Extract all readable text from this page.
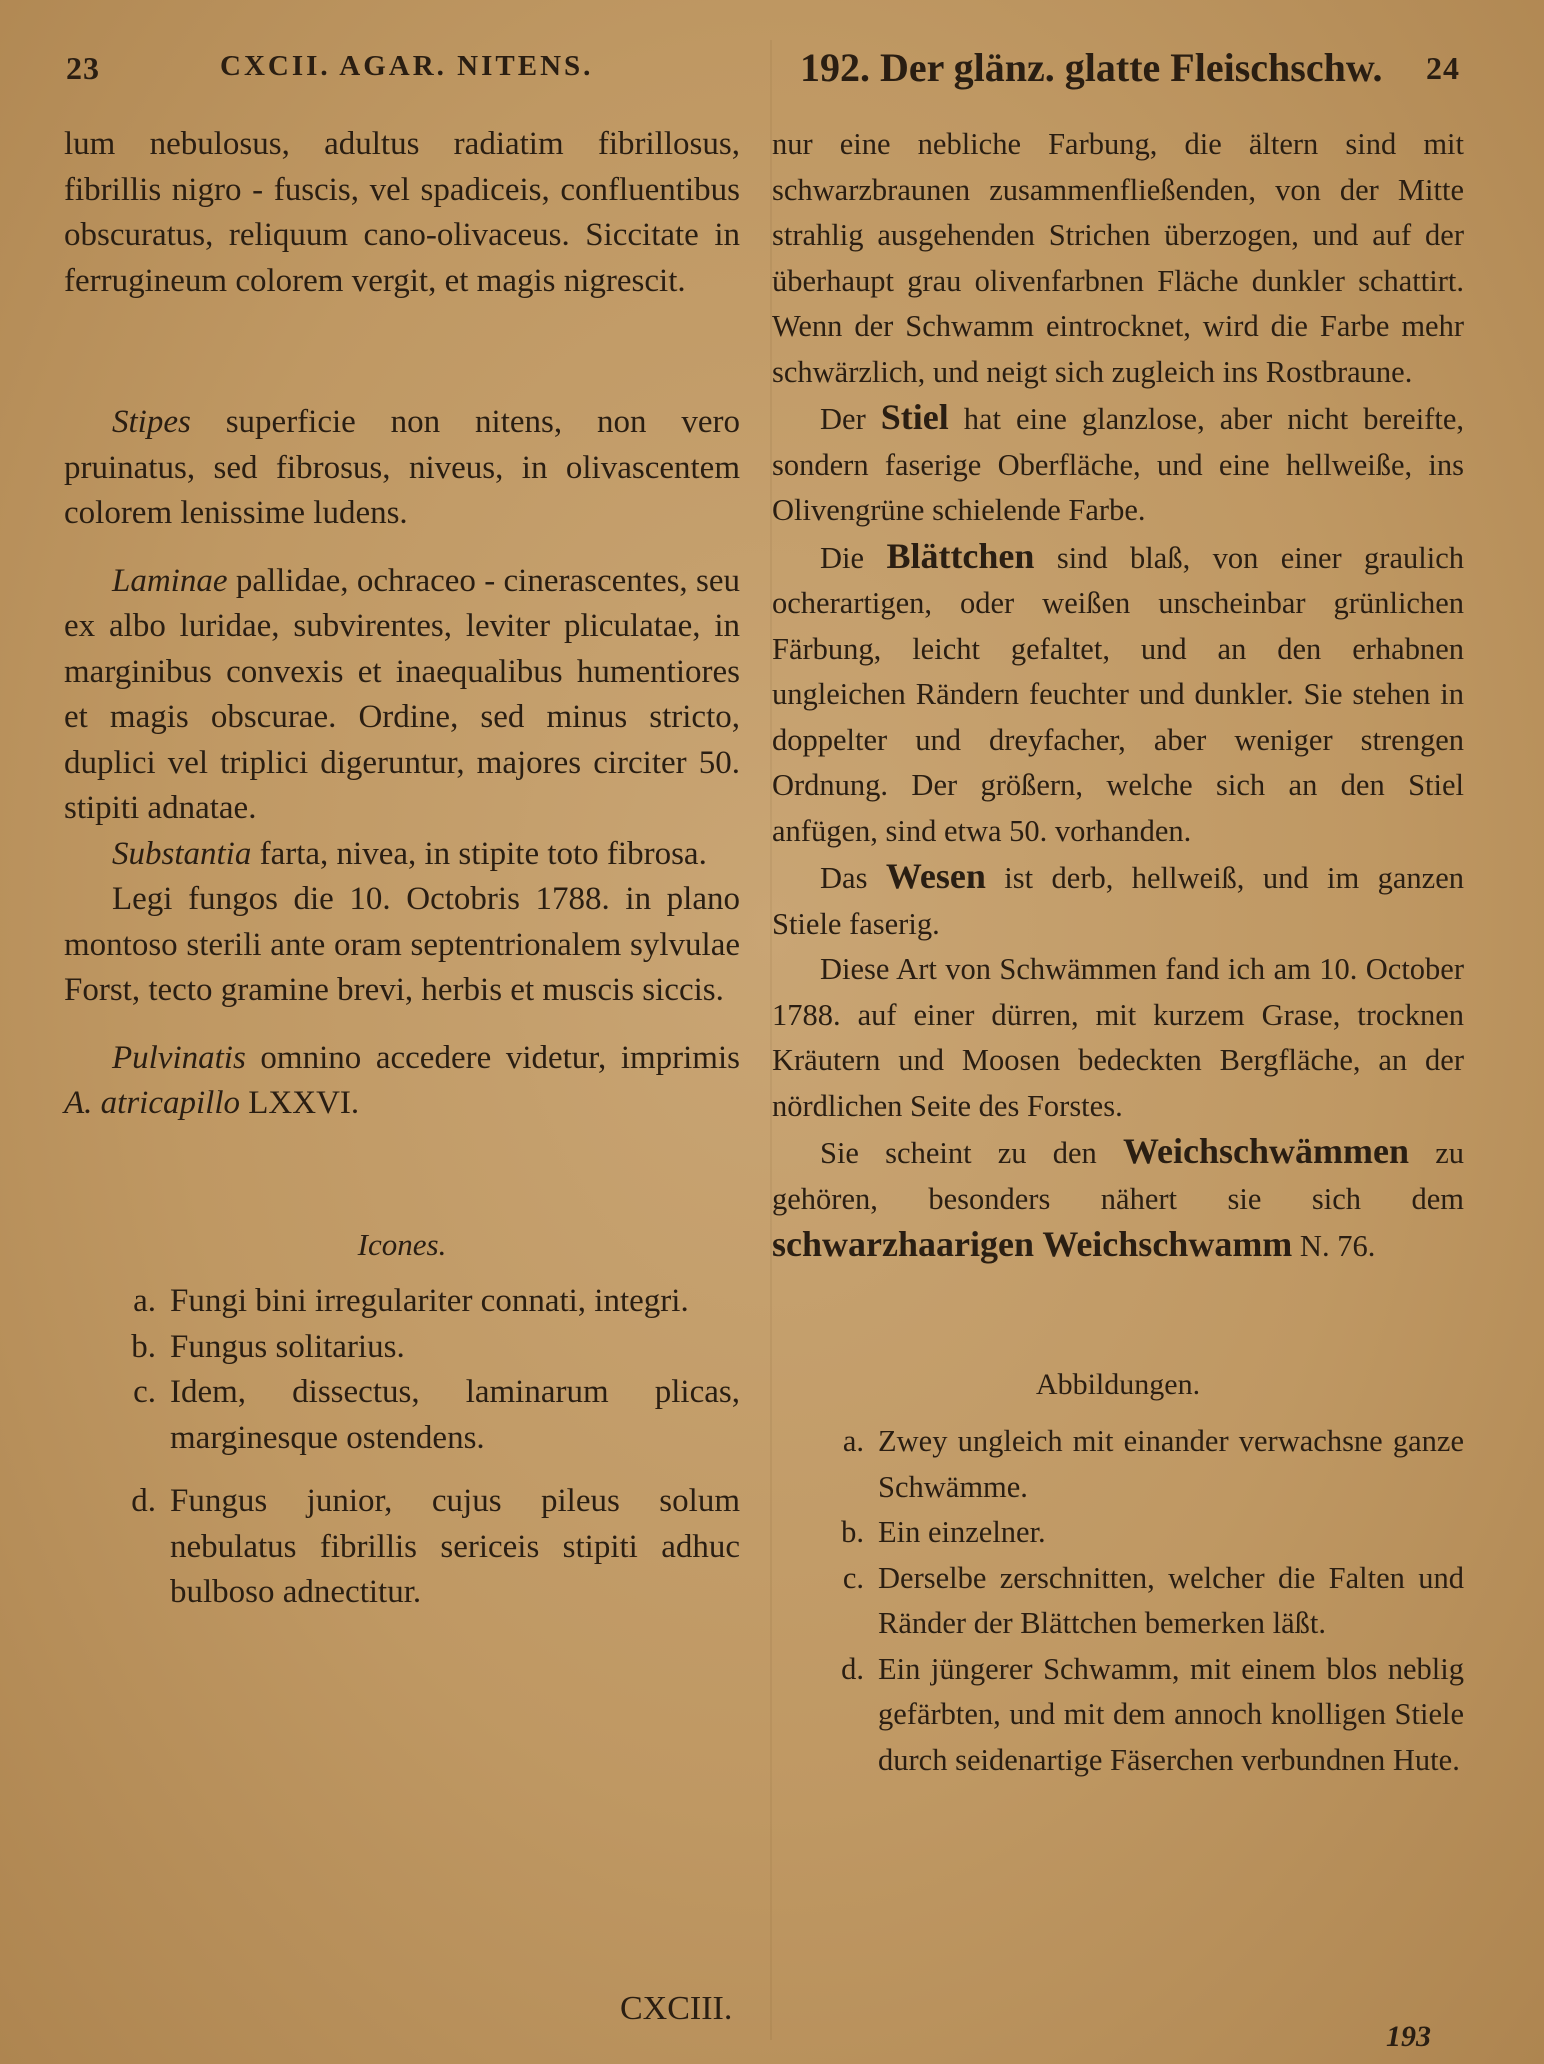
23	CXCII. AGAR. NITENS.	192. Der glänz. glatte Fleischschw. 24

lum nebulosus, adultus radiatim fibrillosus, fibrillis nigro - fuscis, vel spadiceis, confluentibus obscuratus, reliquum cano-olivaceus. Siccitate in ferrugineum colorem vergit, et magis nigrescit.

Stipes superficie non nitens, non vero pruinatus, sed fibrosus, niveus, in olivascentem colorem lenissime ludens.

Laminae pallidae, ochraceo - cinerascentes, seu ex albo luridae, subvirentes, leviter pliculatae, in marginibus convexis et inaequalibus humentiores et magis obscurae. Ordine, sed minus stricto, duplici vel triplici digeruntur, majores circiter 50. stipiti adnatae.

Substantia farta, nivea, in stipite toto fibrosa.

Legi fungos die 10. Octobris 1788. in plano montoso sterili ante oram septentrionalem sylvulae Forst, tecto gramine brevi, herbis et muscis siccis.

Pulvinatis omnino accedere videtur, imprimis A. atricapillo LXXVI.

Icones.

a. Fungi bini irregulariter connati, integri.
b. Fungus solitarius.
c. Idem, dissectus, laminarum plicas, marginesque ostendens.
d. Fungus junior, cujus pileus solum nebulatus fibrillis sericeis stipiti adhuc bulboso adnectitur.

nur eine nebliche Farbung, die ältern sind mit schwarzbraunen zusammenfließenden, von der Mitte strahlig ausgehenden Strichen überzogen, und auf der überhaupt grau olivenfarbnen Fläche dunkler schattirt. Wenn der Schwamm eintrocknet, wird die Farbe mehr schwärzlich, und neigt sich zugleich ins Rostbraune.

Der Stiel hat eine glanzlose, aber nicht bereifte, sondern faserige Oberfläche, und eine hellweiße, ins Olivengrüne schielende Farbe.

Die Blättchen sind blaß, von einer graulich ocherartigen, oder weißen unscheinbar grünlichen Färbung, leicht gefaltet, und an den erhabnen ungleichen Rändern feuchter und dunkler. Sie stehen in doppelter und dreyfacher, aber weniger strengen Ordnung. Der größern, welche sich an den Stiel anfügen, sind etwa 50. vorhanden.

Das Wesen ist derb, hellweiß, und im ganzen Stiele faserig.

Diese Art von Schwämmen fand ich am 10. October 1788. auf einer dürren, mit kurzem Grase, trocknen Kräutern und Moosen bedeckten Bergfläche, an der nördlichen Seite des Forstes.

Sie scheint zu den Weichschwämmen zu gehören, besonders nähert sie sich dem schwarzhaarigen Weichschwamm N. 76.

Abbildungen.

a. Zwey ungleich mit einander verwachsne ganze Schwämme.
b. Ein einzelner.
c. Derselbe zerschnitten, welcher die Falten und Ränder der Blättchen bemerken läßt.
d. Ein jüngerer Schwamm, mit einem blos neblig gefärbten, und mit dem annoch knolligen Stiele durch seidenartige Fäserchen verbundnen Hute.
CXCIII.
193
